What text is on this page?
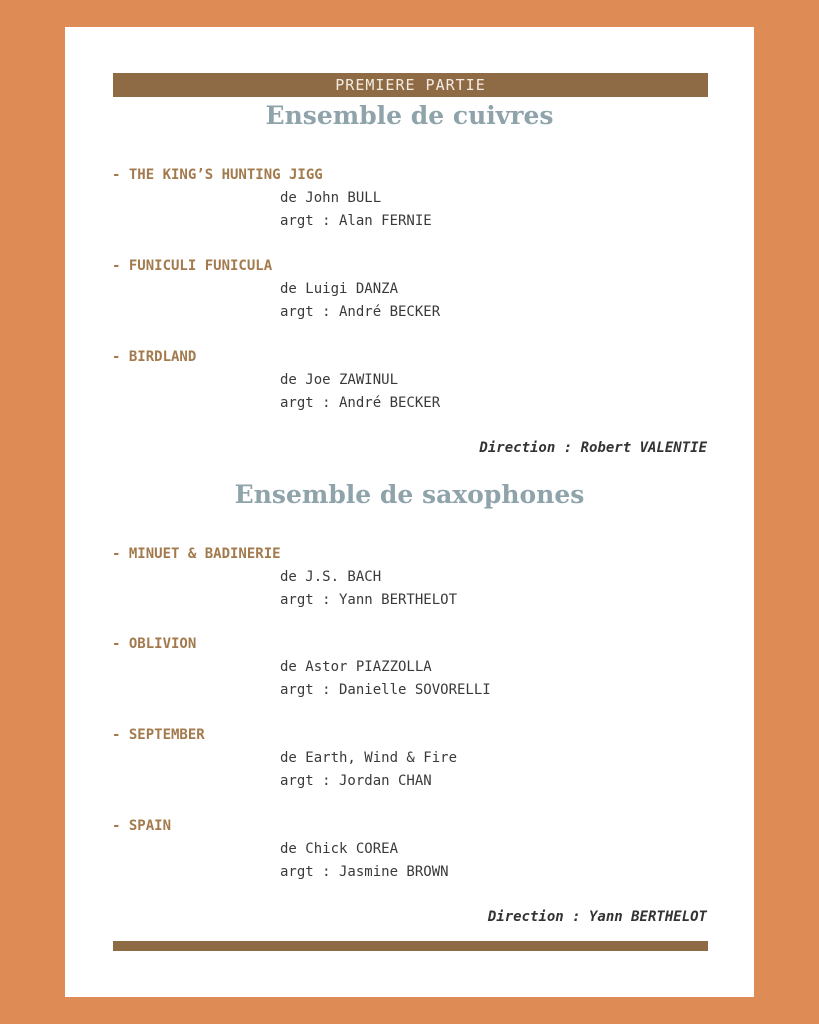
PREMIERE PARTIE
Ensemble de cuivres
- THE KING’S HUNTING JIGG
de John BULL
argt : Alan FERNIE
- FUNICULI FUNICULA
de Luigi DANZA
argt : André BECKER
- BIRDLAND
de Joe ZAWINUL
argt : André BECKER
Direction : Robert VALENTIE
Ensemble de saxophones
- MINUET & BADINERIE
de J.S. BACH
argt : Yann BERTHELOT
- OBLIVION
de Astor PIAZZOLLA
argt : Danielle SOVORELLI
- SEPTEMBER
de Earth, Wind & Fire
argt : Jordan CHAN
- SPAIN
de Chick COREA
argt : Jasmine BROWN
Direction : Yann BERTHELOT
